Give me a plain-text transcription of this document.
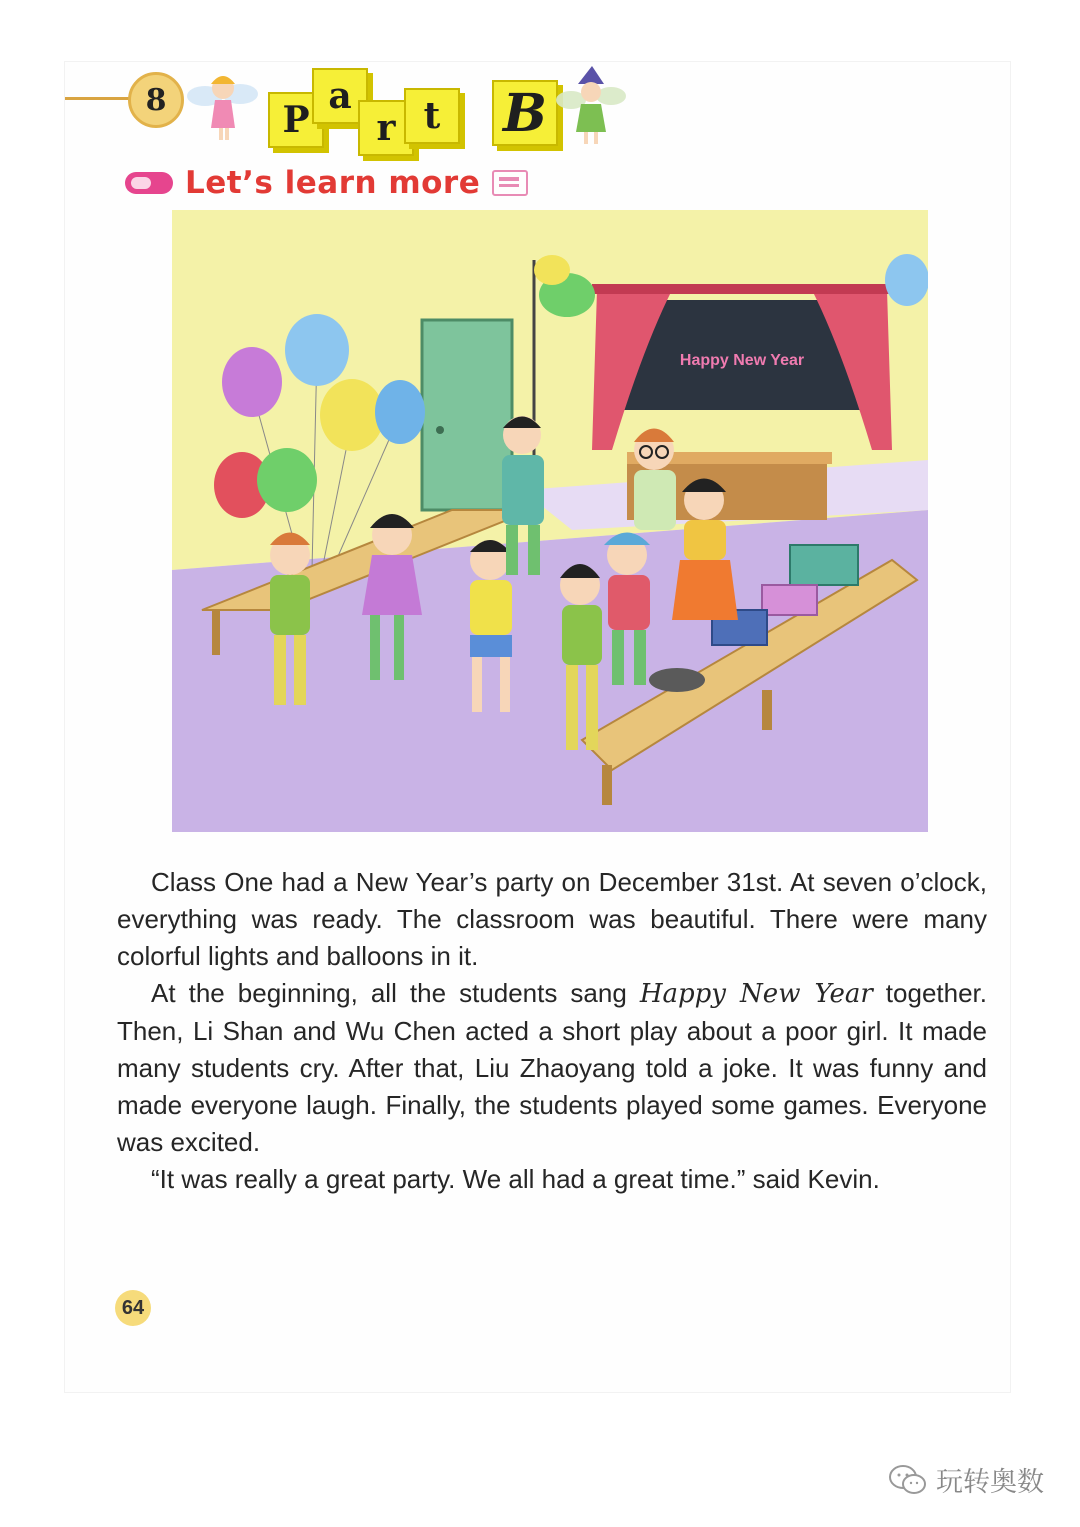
8	P
a
r t	B
Let’s learn more
Happy New Year

Class One had a New Year’s party on December 31st. At seven o’clock, everything was ready. The classroom was beautiful. There were many colorful lights and balloons in it.

At the beginning, all the students sang Happy New Year together. Then, Li Shan and Wu Chen acted a short play about a poor girl. It made many students cry. After that, Liu Zhaoyang told a joke. It was funny and made everyone laugh. Finally, the students played some games. Everyone was excited.

“It was really a great party. We all had a great time.” said Kevin.

64
玩转奥数
